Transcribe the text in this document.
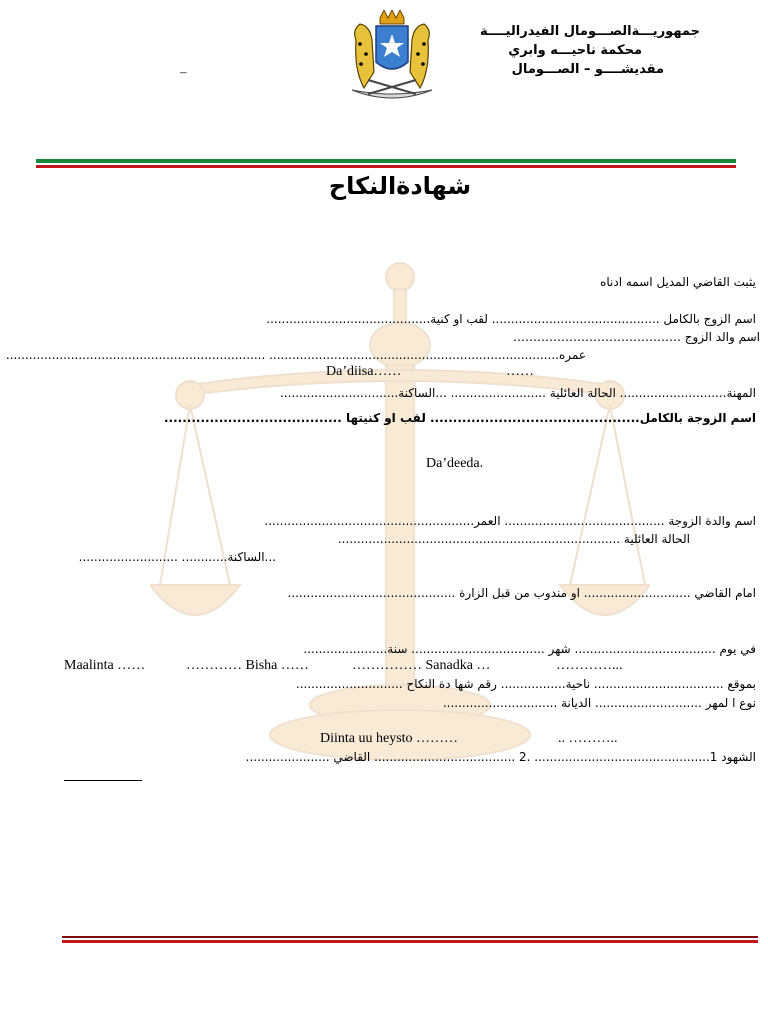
جمهوريـــةالصـــومال الفيدراليــــة
محكمة ناحيـــه وابري
مقديشــــو – الصـــومال
–
شهادةالنكاح
يثبت القاضي المديل اسمه ادناه
اسم الزوج بالكامل ............................................ لقب او كنية...........................................
اسم والد الزوج ……………………………………
عمره............................................................................ ....................................................................
Da’diisa……	……
المهنة............................ الحالة العائلية ......................... ...الساكنة...............................
اسم الزوجة بالكامل.............................................. لقب او كنيتها .......................................
Da’deeda.
اسم والدة الزوجة .......................................... العمر.......................................................
الحالة العائلية ..........................................................................
...الساكنة............ ..........................
امام القاضي ............................ او مندوب من قبل الزارة ............................................
في يوم ..................................... شهر ................................... سنة......................
Maalinta ……	………… Bisha ……	…………… Sanadka …	…………...
بموقع .................................. ناحية................. رقم شها دة النكاح ............................
نوع ا لمهر ............................ الديانة ..............................
Diinta uu heysto ………	.. ………..
الشهود 1.............................................. .2 ..................................... القاضي ......................
